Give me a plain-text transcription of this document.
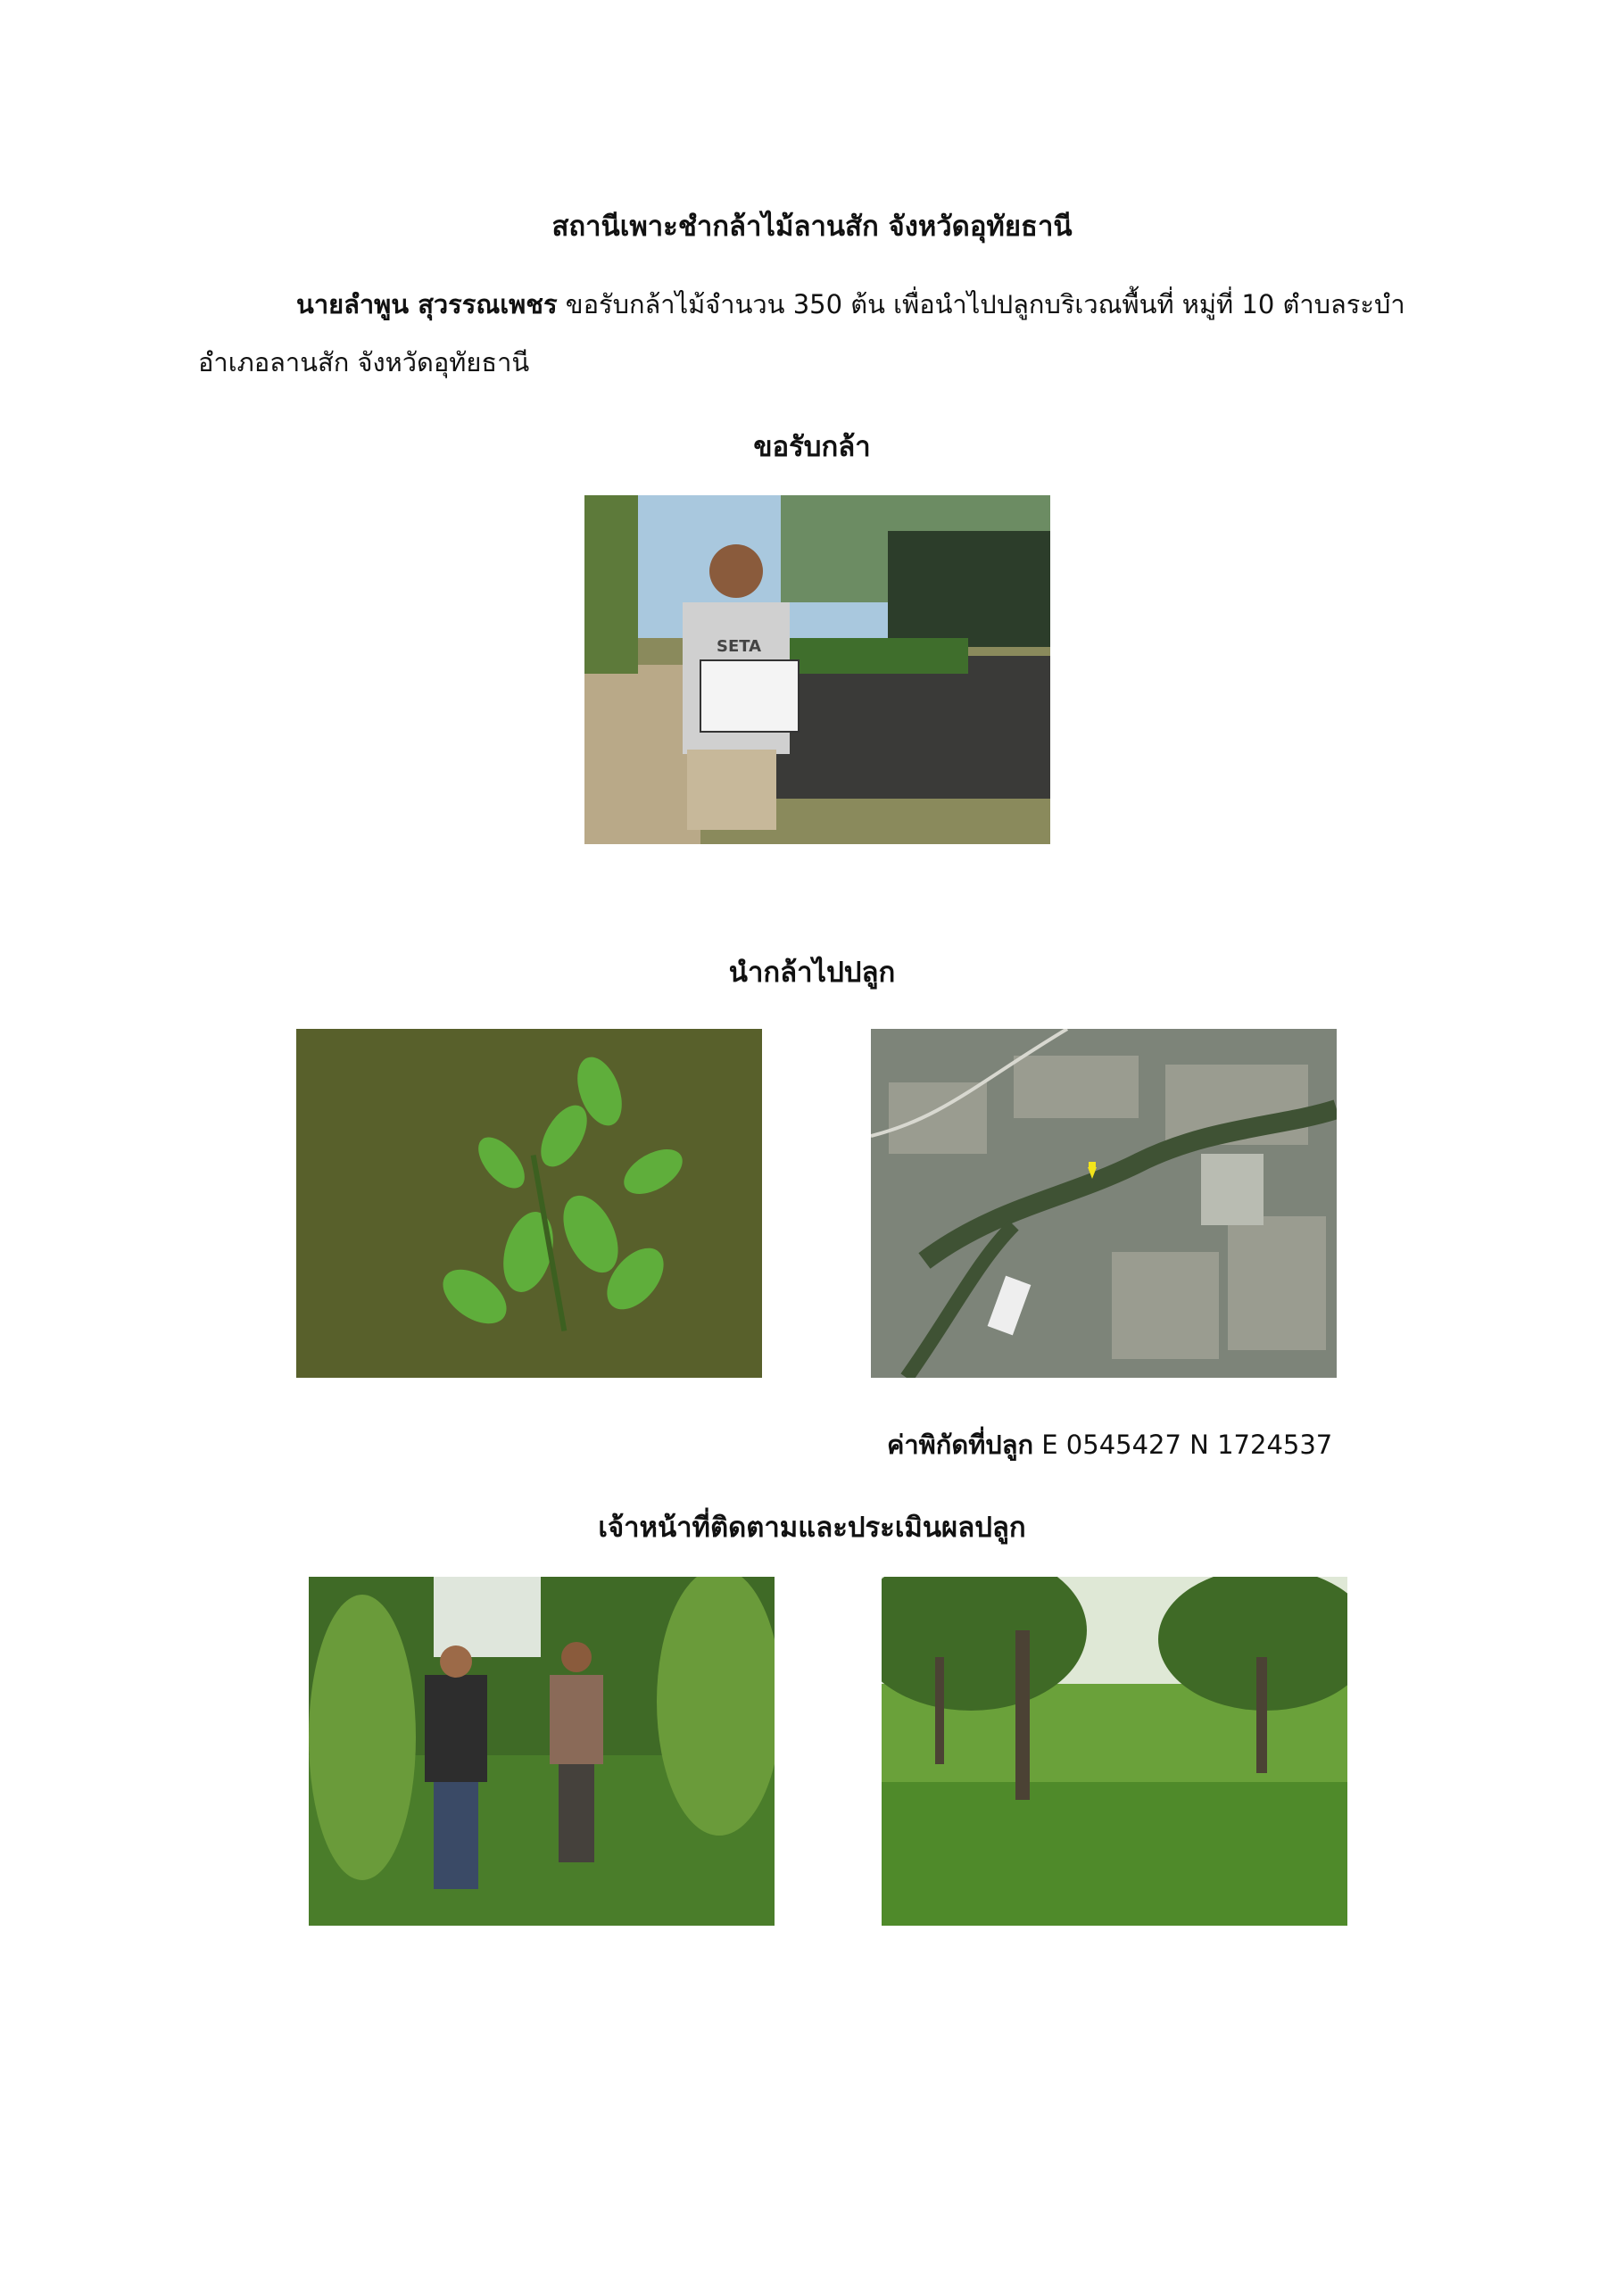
สถานีเพาะชำกล้าไม้ลานสัก จังหวัดอุทัยธานี
นายลำพูน สุวรรณเพชร ขอรับกล้าไม้จำนวน 350 ต้น เพื่อนำไปปลูกบริเวณพื้นที่ หมู่ที่ 10 ตำบลระบำ
อำเภอลานสัก จังหวัดอุทัยธานี
ขอรับกล้า
SETA
นำกล้าไปปลูก
ค่าพิกัดที่ปลูก E 0545427 N 1724537
เจ้าหน้าที่ติดตามและประเมินผลปลูก
